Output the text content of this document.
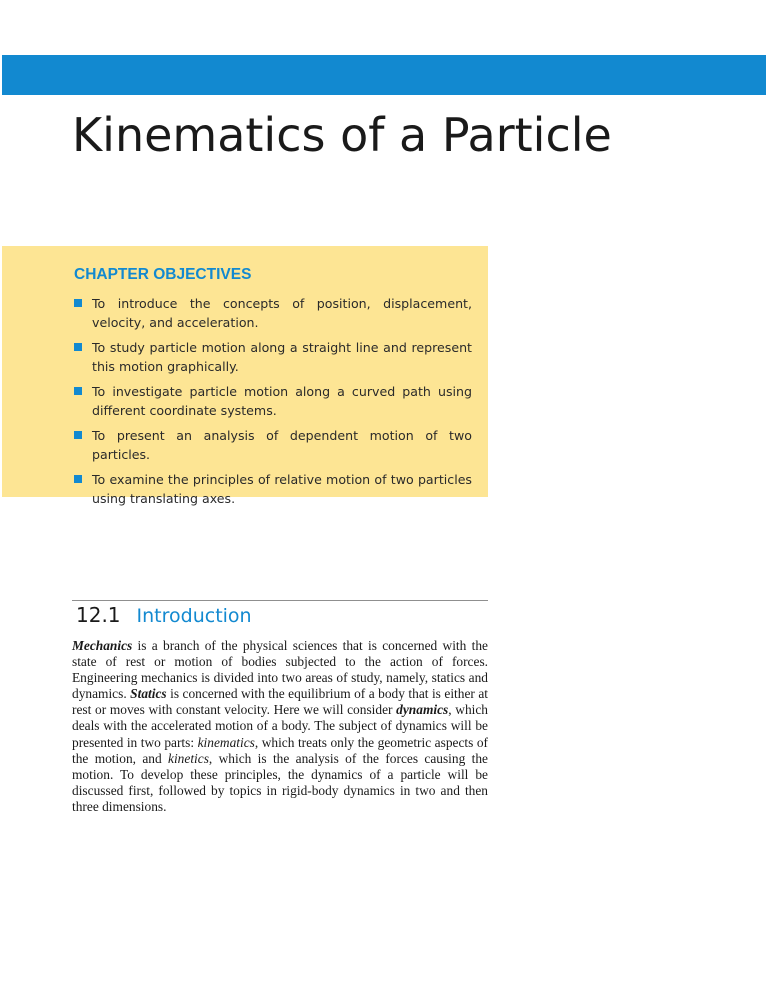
Kinematics of a Particle
CHAPTER OBJECTIVES
To introduce the concepts of position, displacement, velocity, and acceleration.
To study particle motion along a straight line and represent this motion graphically.
To investigate particle motion along a curved path using different coordinate systems.
To present an analysis of dependent motion of two particles.
To examine the principles of relative motion of two particles using translating axes.
12.1 Introduction

Mechanics is a branch of the physical sciences that is concerned with the state of rest or motion of bodies subjected to the action of forces. Engineering mechanics is divided into two areas of study, namely, statics and dynamics. Statics is concerned with the equilibrium of a body that is either at rest or moves with constant velocity. Here we will consider dynamics, which deals with the accelerated motion of a body. The subject of dynamics will be presented in two parts: kinematics, which treats only the geometric aspects of the motion, and kinetics, which is the analysis of the forces causing the motion. To develop these principles, the dynamics of a particle will be discussed first, followed by topics in rigid-body dynamics in two and then three dimensions.
